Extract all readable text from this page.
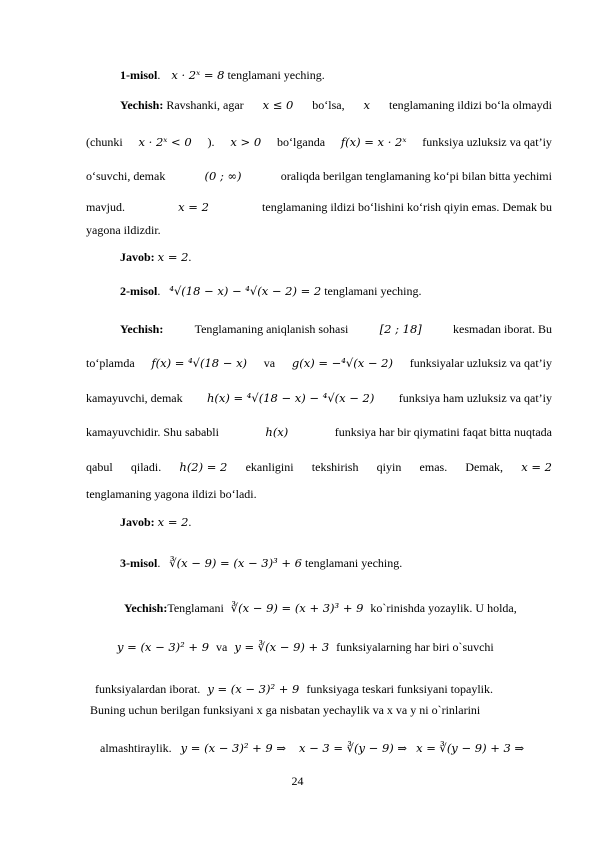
1-misol. x · 2ˣ = 8 tenglamani yeching.
Yechish: Ravshanki, agar x ≤ 0 bo‘lsa, x tenglamaning ildizi bo‘la olmaydi
(chunki x · 2ˣ < 0 ). x > 0 bo‘lganda f(x) = x · 2ˣ funksiya uzluksiz va qat’iy
o‘suvchi, demak	(0 ; ∞)	oraliqda berilgan tenglamaning ko‘pi bilan bitta yechimi
mavjud.	x = 2	tenglamaning ildizi bo‘lishini ko‘rish qiyin emas. Demak bu
yagona ildizdir.
Javob: x = 2.
2-misol. ⁴√(18 − x) − ⁴√(x − 2) = 2 tenglamani yeching.
Yechish:	Tenglamaning aniqlanish sohasi	[2 ; 18]	kesmadan iborat. Bu
to‘plamda f(x) = ⁴√(18 − x) va g(x) = −⁴√(x − 2) funksiyalar uzluksiz va qat’iy
kamayuvchi, demak h(x) = ⁴√(18 − x) − ⁴√(x − 2) funksiya ham uzluksiz va qat’iy
kamayuvchidir. Shu sababli	h(x)	funksiya har bir qiymatini faqat bitta nuqtada
qabul qiladi. h(2) = 2 ekanligini tekshirish qiyin emas. Demak, x = 2
tenglamaning yagona ildizi bo‘ladi.
Javob: x = 2.
3-misol. ∛(x − 9) = (x − 3)³ + 6 tenglamani yeching.
Yechish:Tenglamani ∛(x − 9) = (x + 3)³ + 9 ko`rinishda yozaylik. U holda,
y = (x − 3)² + 9 va y = ∛(x − 9) + 3 funksiyalarning har biri o`suvchi
funksiyalardan iborat. y = (x − 3)² + 9 funksiyaga teskari funksiyani topaylik.
Buning uchun berilgan funksiyani x ga nisbatan yechaylik va x va y ni o`rinlarini
almashtiraylik. y = (x − 3)² + 9 ⇒ x − 3 = ∛(y − 9) ⇒ x = ∛(y − 9) + 3 ⇒
24
